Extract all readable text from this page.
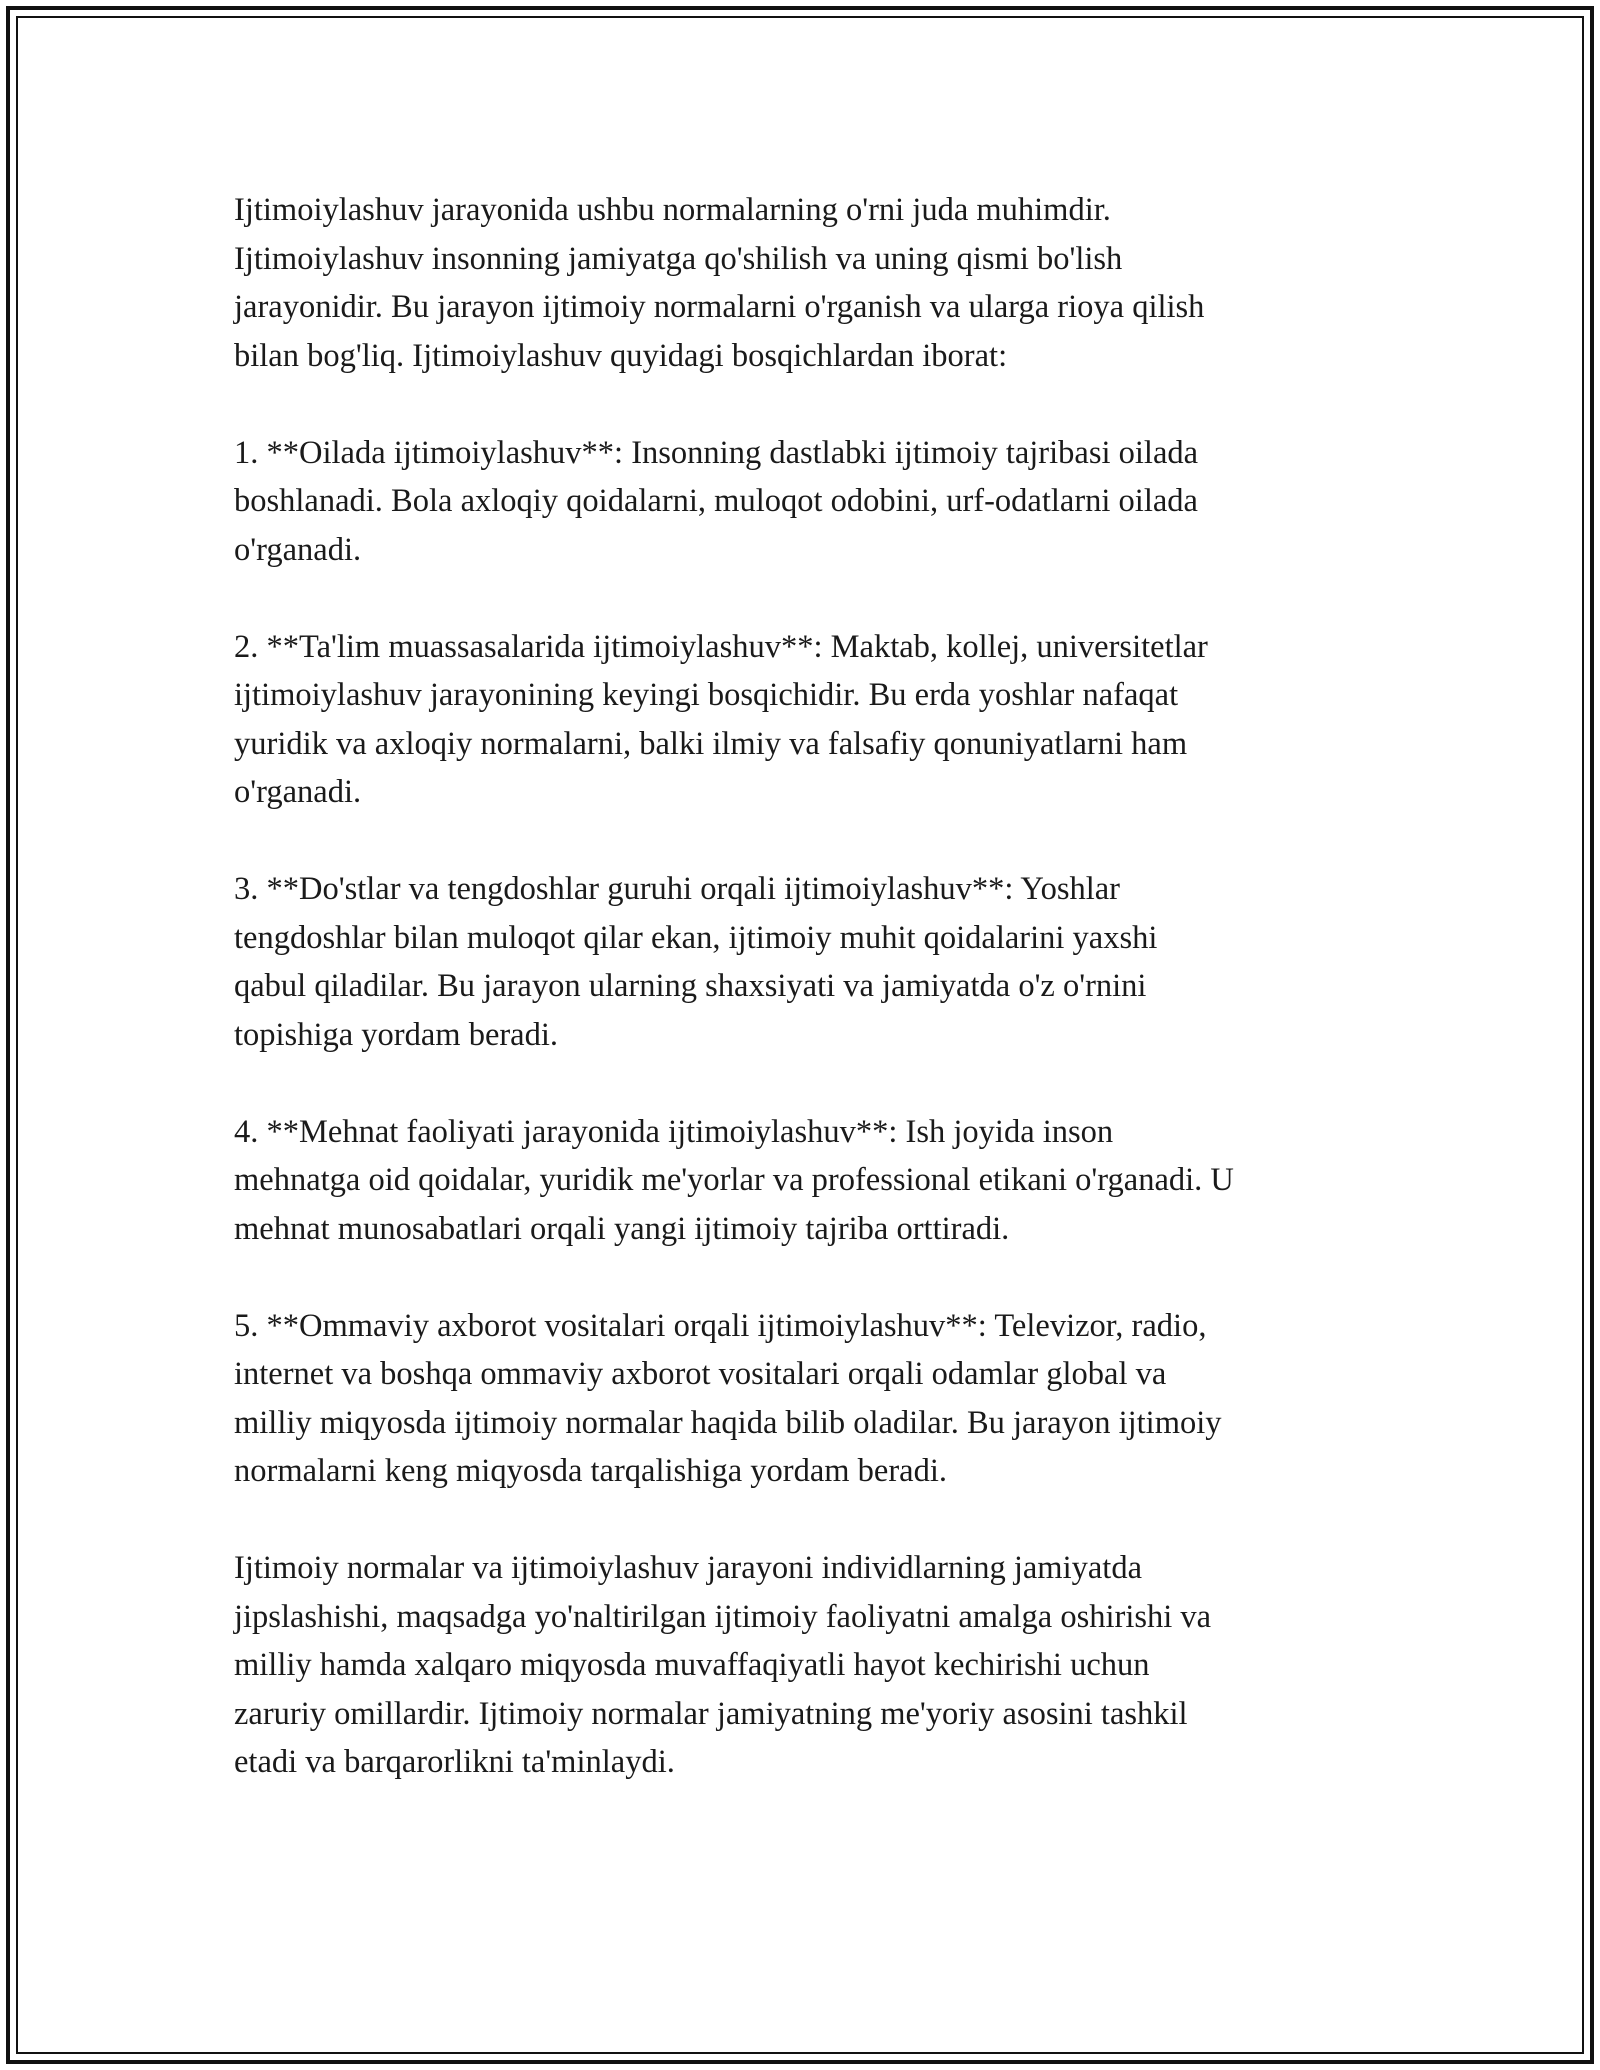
Ijtimoiylashuv jarayonida ushbu normalarning o'rni juda muhimdir.
Ijtimoiylashuv insonning jamiyatga qo'shilish va uning qismi bo'lish
jarayonidir. Bu jarayon ijtimoiy normalarni o'rganish va ularga rioya qilish
bilan bog'liq. Ijtimoiylashuv quyidagi bosqichlardan iborat:

1. **Oilada ijtimoiylashuv**: Insonning dastlabki ijtimoiy tajribasi oilada
boshlanadi. Bola axloqiy qoidalarni, muloqot odobini, urf-odatlarni oilada
o'rganadi.

2. **Ta'lim muassasalarida ijtimoiylashuv**: Maktab, kollej, universitetlar
ijtimoiylashuv jarayonining keyingi bosqichidir. Bu erda yoshlar nafaqat
yuridik va axloqiy normalarni, balki ilmiy va falsafiy qonuniyatlarni ham
o'rganadi.

3. **Do'stlar va tengdoshlar guruhi orqali ijtimoiylashuv**: Yoshlar
tengdoshlar bilan muloqot qilar ekan, ijtimoiy muhit qoidalarini yaxshi
qabul qiladilar. Bu jarayon ularning shaxsiyati va jamiyatda o'z o'rnini
topishiga yordam beradi.

4. **Mehnat faoliyati jarayonida ijtimoiylashuv**: Ish joyida inson
mehnatga oid qoidalar, yuridik me'yorlar va professional etikani o'rganadi. U
mehnat munosabatlari orqali yangi ijtimoiy tajriba orttiradi.

5. **Ommaviy axborot vositalari orqali ijtimoiylashuv**: Televizor, radio,
internet va boshqa ommaviy axborot vositalari orqali odamlar global va
milliy miqyosda ijtimoiy normalar haqida bilib oladilar. Bu jarayon ijtimoiy
normalarni keng miqyosda tarqalishiga yordam beradi.

Ijtimoiy normalar va ijtimoiylashuv jarayoni individlarning jamiyatda
jipslashishi, maqsadga yo'naltirilgan ijtimoiy faoliyatni amalga oshirishi va
milliy hamda xalqaro miqyosda muvaffaqiyatli hayot kechirishi uchun
zaruriy omillardir. Ijtimoiy normalar jamiyatning me'yoriy asosini tashkil
etadi va barqarorlikni ta'minlaydi.
